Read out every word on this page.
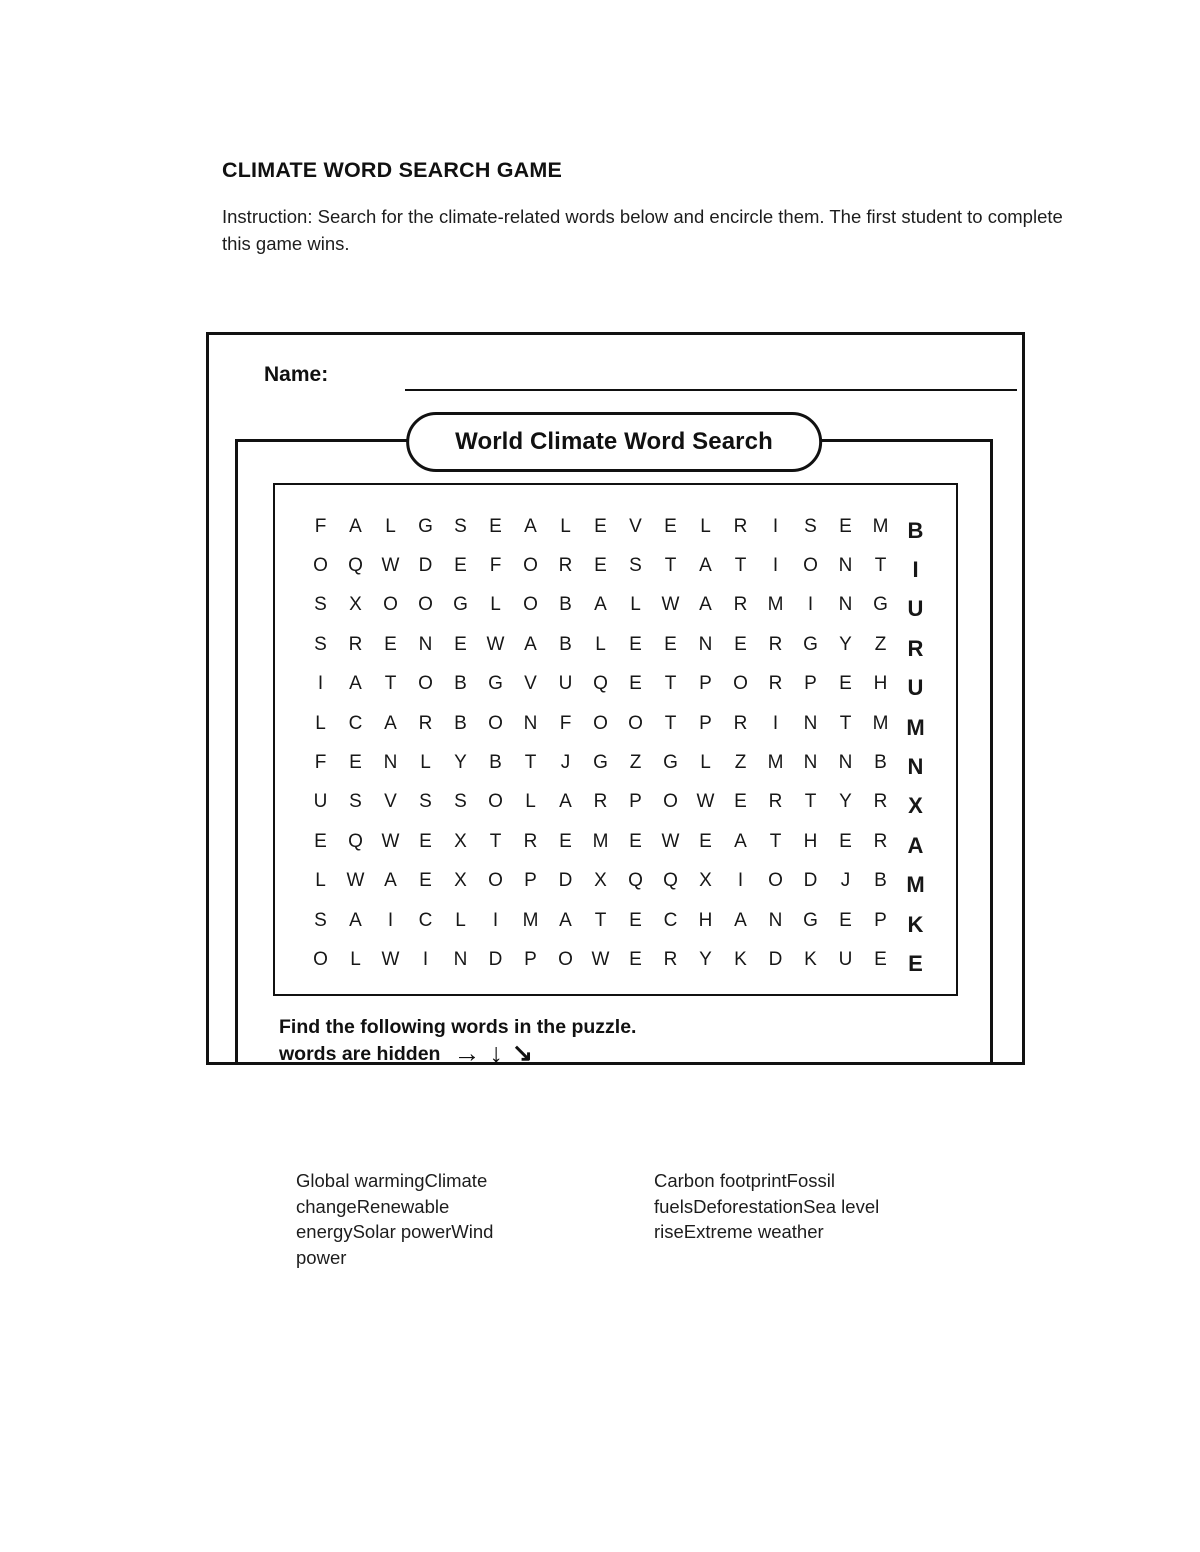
CLIMATE WORD SEARCH GAME
Instruction: Search for the climate-related words below and encircle them. The first student to complete this game wins.
Name:
World Climate Word Search
F	A	L	G	S	E	A	L	E	V	E	L	R	I	S	E	M B
O	Q W	D	E	F	O	R	E	S	T	A	T	I	O	N	T	I
S	X	O	O	G	L	O	B	A	L	W	A	R	M	I	N	G U
S	R	E	N	E	W	A	B	L	E	E	N	E	R	G	Y	Z R
I	A	T	O	B	G	V	U	Q	E	T	P	O	R	P	E	H U
L	C	A	R	B	O	N	F	O	O	T	P	R	I	N	T	M M
F	E	N	L	Y	B	T	J	G	Z	G	L	Z	M	N	N	B N
U	S	V	S	S	O	L	A	R	P	O W	E	R	T	Y	R X
E	Q W	E	X	T	R	E	M	E	W	E	A	T	H	E	R A
L	W	A	E	X	O	P	D	X	Q	Q	X	I	O	D	J	B M
S	A	I	C	L	I	M	A	T	E	C	H	A	N	G	E	P K
O	L	W	I	N	D	P	O W	E	R	Y	K	D	K	U	E E
Find the following words in the puzzle.
words are hidden → ↓ ↘
Global warmingClimate changeRenewable energySolar powerWind power
Carbon footprintFossil fuelsDeforestationSea level riseExtreme weather
